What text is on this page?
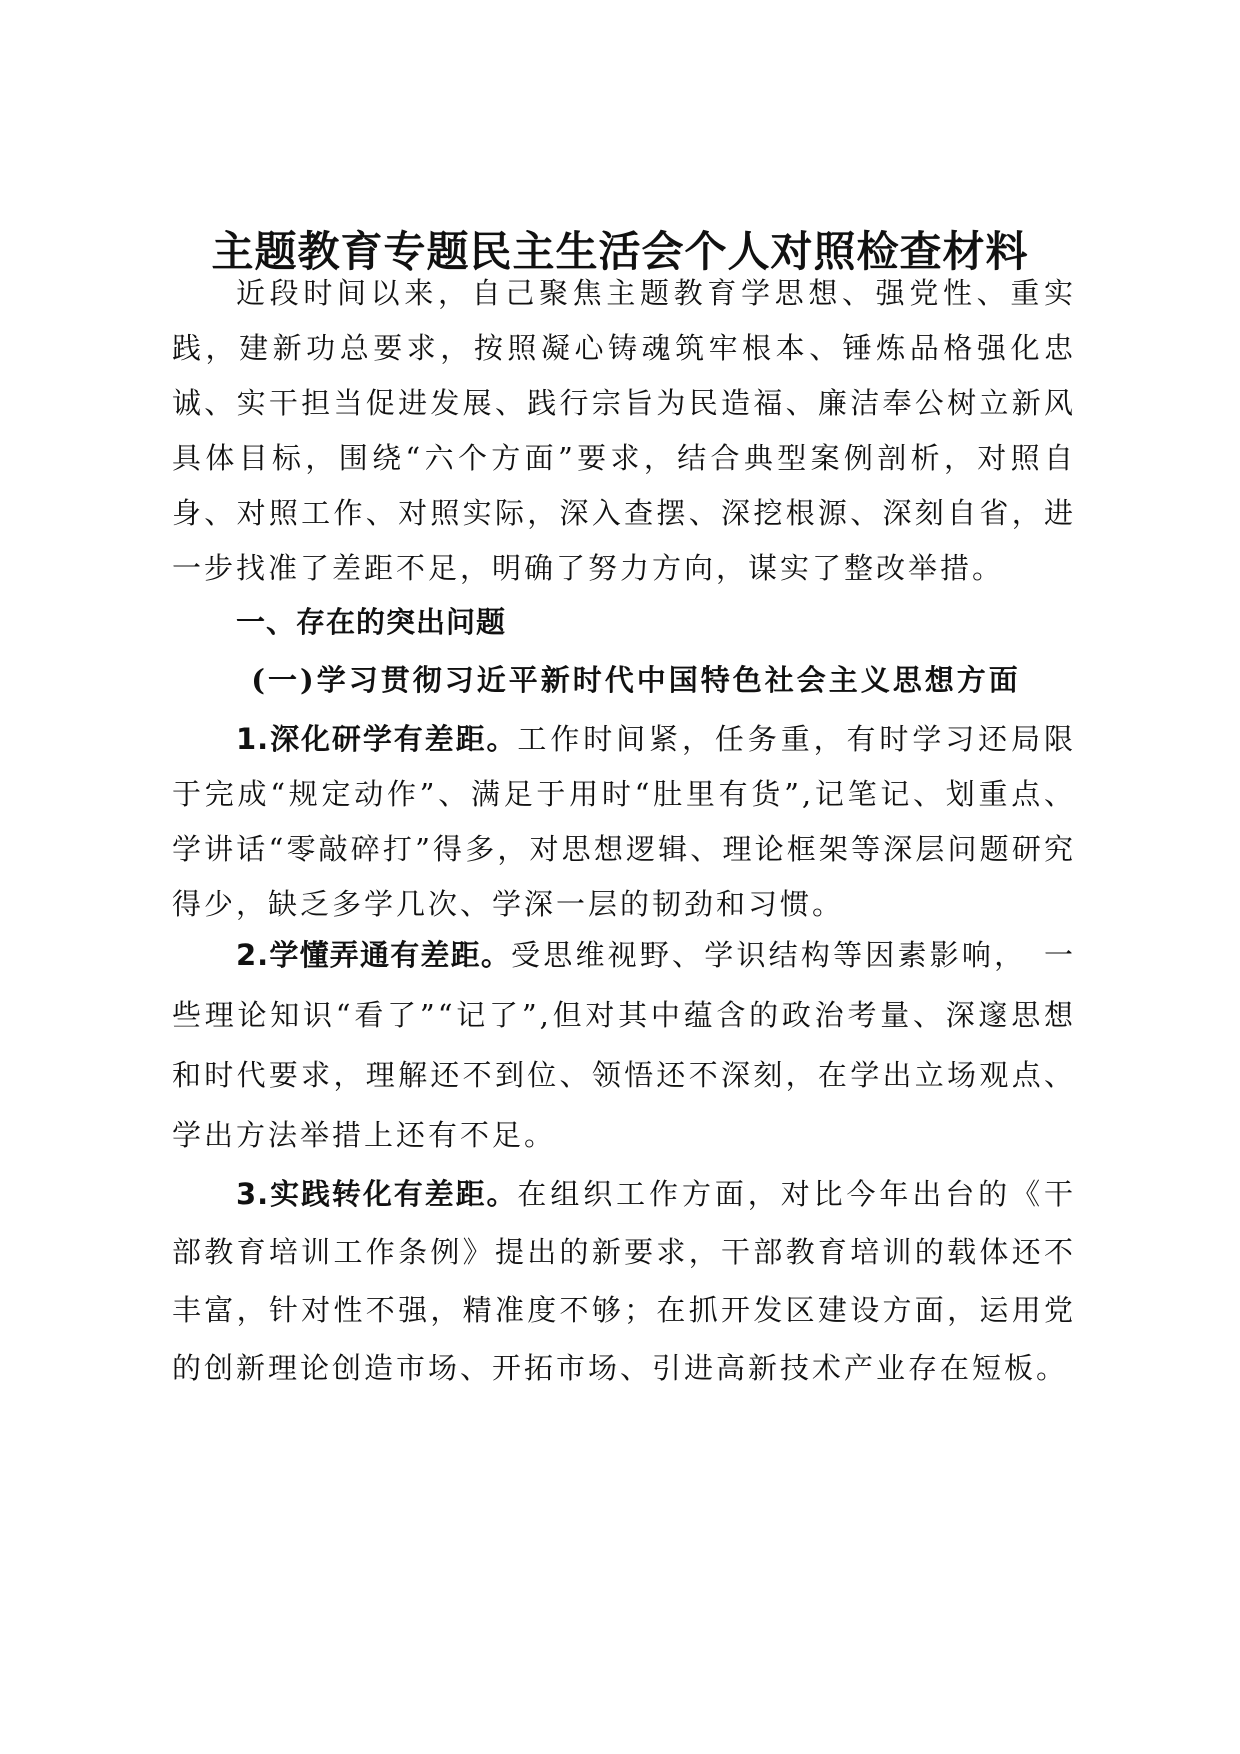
主题教育专题民主生活会个人对照检查材料

近段时间以来，自己聚焦主题教育学思想、强党性、重实践，建新功总要求，按照凝心铸魂筑牢根本、锤炼品格强化忠诚、实干担当促进发展、践行宗旨为民造福、廉洁奉公树立新风具体目标，围绕“六个方面”要求，结合典型案例剖析，对照自身、对照工作、对照实际，深入查摆、深挖根源、深刻自省，进一步找准了差距不足，明确了努力方向，谋实了整改举措。

一、存在的突出问题
(一)学习贯彻习近平新时代中国特色社会主义思想方面

1.深化研学有差距。工作时间紧，任务重，有时学习还局限于完成“规定动作”、满足于用时“肚里有货”,记笔记、划重点、学讲话“零敲碎打”得多，对思想逻辑、理论框架等深层问题研究得少，缺乏多学几次、学深一层的韧劲和习惯。

2.学懂弄通有差距。受思维视野、学识结构等因素影响，　一些理论知识“看了”“记了”,但对其中蕴含的政治考量、深邃思想和时代要求，理解还不到位、领悟还不深刻，在学出立场观点、学出方法举措上还有不足。

3.实践转化有差距。在组织工作方面，对比今年出台的《干部教育培训工作条例》提出的新要求，干部教育培训的载体还不丰富，针对性不强，精准度不够；在抓开发区建设方面，运用党的创新理论创造市场、开拓市场、引进高新技术产业存在短板。
